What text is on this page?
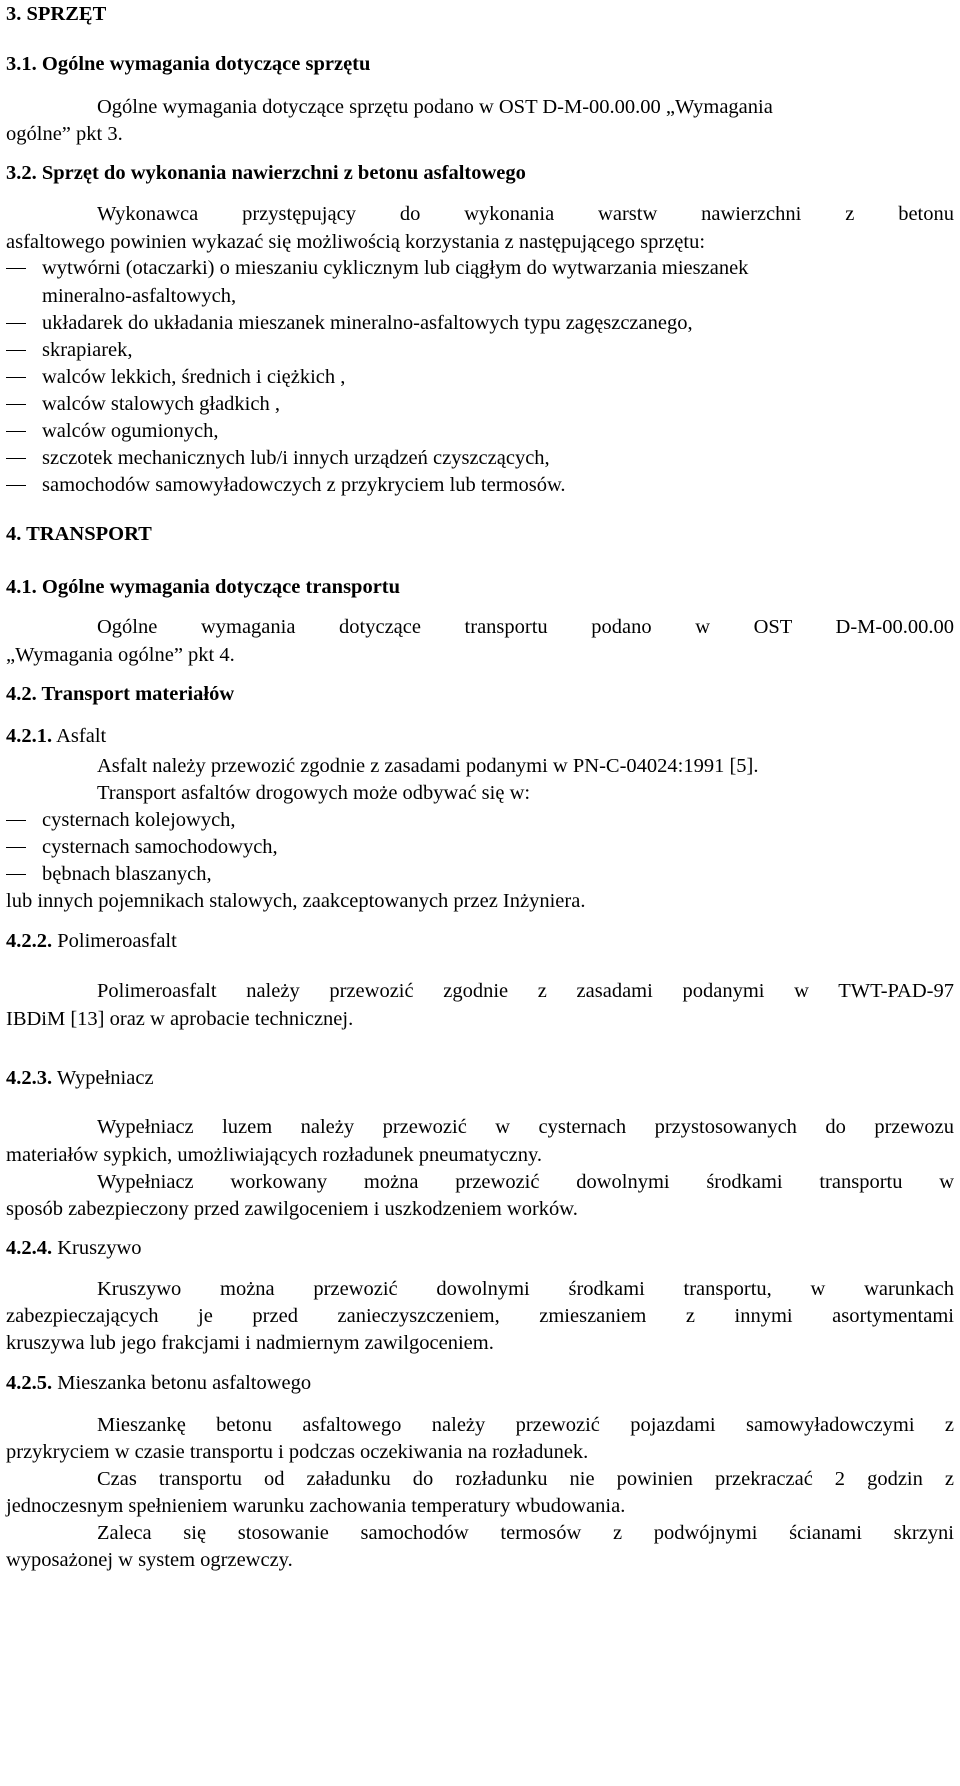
3. SPRZĘT
3.1. Ogólne wymagania dotyczące sprzętu
Ogólne wymagania dotyczące sprzętu podano w OST D-M-00.00.00 „Wymagania
ogólne” pkt 3.
3.2. Sprzęt do wykonania nawierzchni z betonu asfaltowego
Wykonawca przystępujący do wykonania warstw nawierzchni z betonu
asfaltowego powinien wykazać się możliwością korzystania z następującego sprzętu:
wytwórni (otaczarki) o mieszaniu cyklicznym lub ciągłym do wytwarzania mieszanek
mineralno-asfaltowych,
układarek do układania mieszanek mineralno-asfaltowych typu zagęszczanego,
skrapiarek,
walców lekkich, średnich i ciężkich ,
walców stalowych gładkich ,
walców ogumionych,
szczotek mechanicznych lub/i innych urządzeń czyszczących,
samochodów samowyładowczych z przykryciem lub termosów.
4. TRANSPORT
4.1. Ogólne wymagania dotyczące transportu
Ogólne wymagania dotyczące transportu podano w OST D-M-00.00.00
„Wymagania ogólne” pkt 4.
4.2. Transport materiałów
4.2.1. Asfalt
Asfalt należy przewozić zgodnie z zasadami podanymi w PN-C-04024:1991 [5].
Transport asfaltów drogowych może odbywać się w:
cysternach kolejowych,
cysternach samochodowych,
bębnach blaszanych,
lub innych pojemnikach stalowych, zaakceptowanych przez Inżyniera.
4.2.2. Polimeroasfalt
Polimeroasfalt należy przewozić zgodnie z zasadami podanymi w TWT-PAD-97
IBDiM [13] oraz w aprobacie technicznej.
4.2.3. Wypełniacz
Wypełniacz luzem należy przewozić w cysternach przystosowanych do przewozu
materiałów sypkich, umożliwiających rozładunek pneumatyczny.
Wypełniacz workowany można przewozić dowolnymi środkami transportu w
sposób zabezpieczony przed zawilgoceniem i uszkodzeniem worków.
4.2.4. Kruszywo
Kruszywo można przewozić dowolnymi środkami transportu, w warunkach
zabezpieczających je przed zanieczyszczeniem, zmieszaniem z innymi asortymentami
kruszywa lub jego frakcjami i nadmiernym zawilgoceniem.
4.2.5. Mieszanka betonu asfaltowego
Mieszankę betonu asfaltowego należy przewozić pojazdami samowyładowczymi z
przykryciem w czasie transportu i podczas oczekiwania na rozładunek.
Czas transportu od załadunku do rozładunku nie powinien przekraczać 2 godzin z
jednoczesnym spełnieniem warunku zachowania temperatury wbudowania.
Zaleca się stosowanie samochodów termosów z podwójnymi ścianami skrzyni
wyposażonej w system ogrzewczy.
